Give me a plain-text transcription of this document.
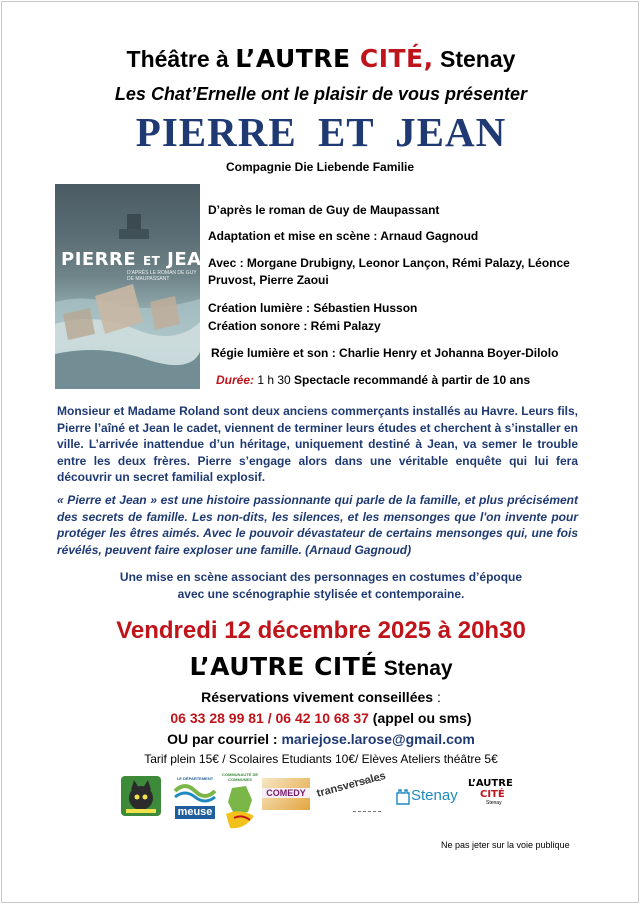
Théâtre à L’AUTRE CITÉ, Stenay
Les Chat’Ernelle ont le plaisir de vous présenter
PIERRE ET JEAN
Compagnie Die Liebende Familie
PIERRE ET JEAN
D'APRÈS LE ROMAN DE GUY DE MAUPASSANT
D’après le roman de Guy de Maupassant
Adaptation et mise en scène : Arnaud Gagnoud
Avec : Morgane Drubigny, Leonor Lançon, Rémi Palazy, Léonce
Pruvost, Pierre Zaoui
Création lumière : Sébastien Husson
Création sonore : Rémi Palazy
Régie lumière et son : Charlie Henry et Johanna Boyer-Dilolo
Durée: 1 h 30 Spectacle recommandé à partir de 10 ans
Monsieur et Madame Roland sont deux anciens commerçants installés au Havre. Leurs fils, Pierre l’aîné et Jean le cadet, viennent de terminer leurs études et cherchent à s’installer en ville. L’arrivée inattendue d’un héritage, uniquement destiné à Jean, va semer le trouble entre les deux frères. Pierre s’engage alors dans une véritable enquête qui lui fera découvrir un secret familial explosif.
« Pierre et Jean » est une histoire passionnante qui parle de la famille, et plus précisément des secrets de famille. Les non-dits, les silences, et les mensonges que l'on invente pour protéger les êtres aimés. Avec le pouvoir dévastateur de certains mensonges qui, une fois révélés, peuvent faire exploser une famille. (Arnaud Gagnoud)
Une mise en scène associant des personnages en costumes d’époque
avec une scénographie stylisée et contemporaine.
Vendredi 12 décembre 2025 à 20h30
L’AUTRE CITÉ Stenay
Réservations vivement conseillées :
06 33 28 99 81 / 06 42 10 68 37 (appel ou sms)
OU par courriel : mariejose.larose@gmail.com
Tarif plein 15€ / Scolaires Etudiants 10€/ Elèves Ateliers théâtre 5€
LE DÉPARTEMENT
meuse
COMMUNAUTÉ DE COMMUNES
COMEDY transversales Stenay
L’AUTRE
CITÉ
Stenay
Ne pas jeter sur la voie publique
